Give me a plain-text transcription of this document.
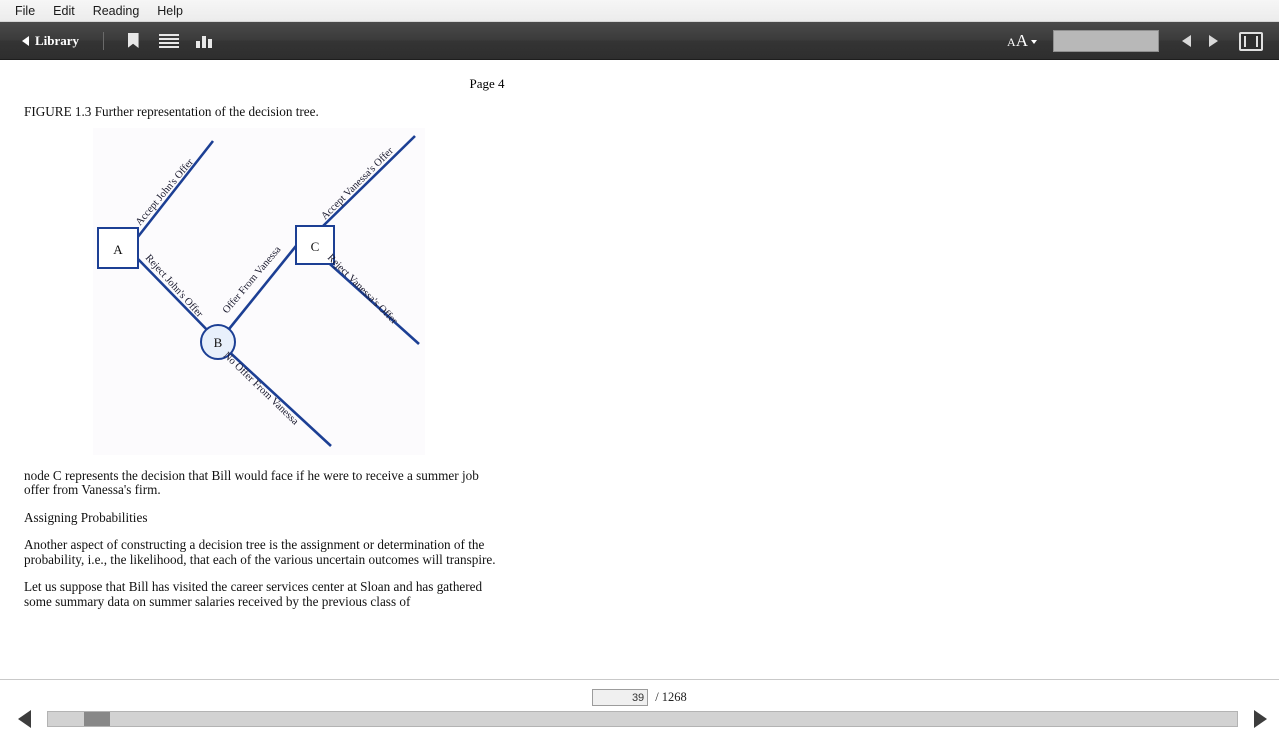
File	Edit	Reading	Help
Library	A A
Page 4
FIGURE 1.3 Further representation of the decision tree.
A	C
B
Accept John's Offer
Reject John's Offer Offer From Vanessa
No Offer From Vanessa
Accept Vanessa's Offer
Reject Vanessa's Offer

node C represents the decision that Bill would face if he were to receive a summer job offer from Vanessa's firm.

Assigning Probabilities

Another aspect of constructing a decision tree is the assignment or determination of the probability, i.e., the likelihood, that each of the various uncertain outcomes will transpire.

Let us suppose that Bill has visited the career services center at Sloan and has gathered some summary data on summer salaries received by the previous class of

39
/ 1268
